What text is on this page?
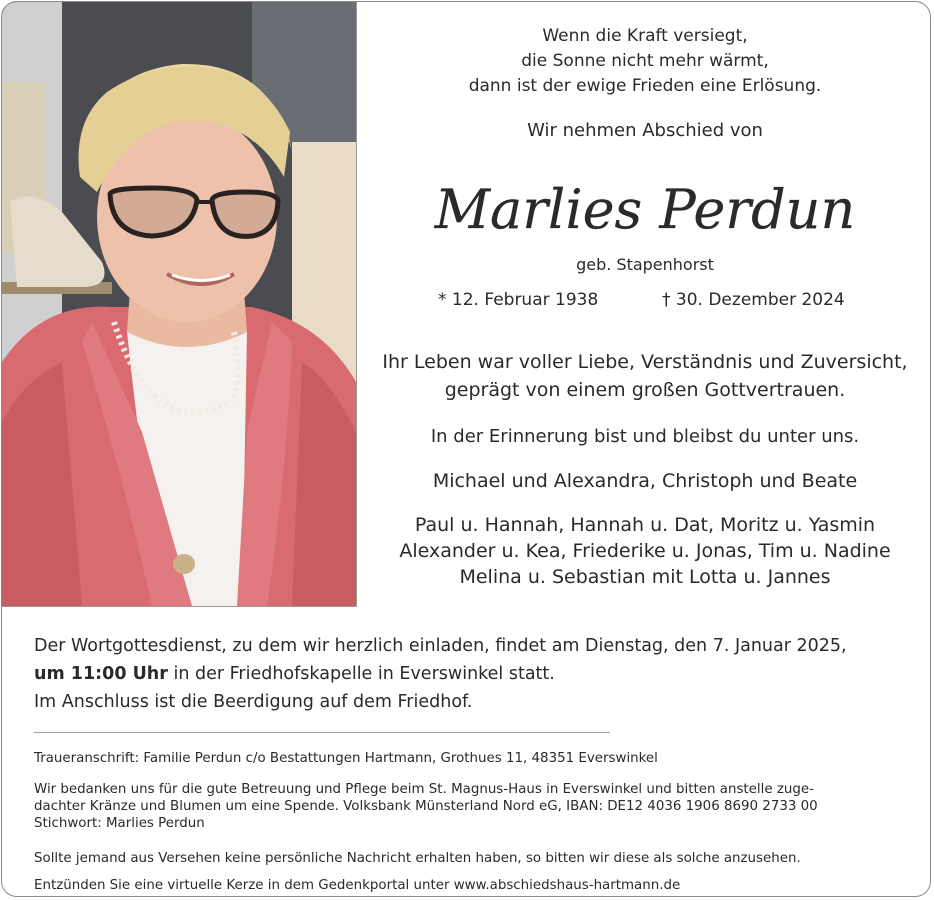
Wenn die Kraft versiegt,
die Sonne nicht mehr wärmt,
dann ist der ewige Frieden eine Erlösung.
Wir nehmen Abschied von
Marlies Perdun
geb. Stapenhorst
* 12. Februar 1938	† 30. Dezember 2024
Ihr Leben war voller Liebe, Verständnis und Zuversicht,
geprägt von einem großen Gottvertrauen.
In der Erinnerung bist und bleibst du unter uns.
Michael und Alexandra, Christoph und Beate
Paul u. Hannah, Hannah u. Dat, Moritz u. Yasmin
Alexander u. Kea, Friederike u. Jonas, Tim u. Nadine
Melina u. Sebastian mit Lotta u. Jannes
Der Wortgottesdienst, zu dem wir herzlich einladen, findet am Dienstag, den 7. Januar 2025,
um 11:00 Uhr in der Friedhofskapelle in Everswinkel statt.
Im Anschluss ist die Beerdigung auf dem Friedhof.
Traueranschrift: Familie Perdun c/o Bestattungen Hartmann, Grothues 11, 48351 Everswinkel
Wir bedanken uns für die gute Betreuung und Pflege beim St. Magnus-Haus in Everswinkel und bitten anstelle zuge-
dachter Kränze und Blumen um eine Spende. Volksbank Münsterland Nord eG, IBAN: DE12 4036 1906 8690 2733 00
Stichwort: Marlies Perdun
Sollte jemand aus Versehen keine persönliche Nachricht erhalten haben, so bitten wir diese als solche anzusehen.
Entzünden Sie eine virtuelle Kerze in dem Gedenkportal unter www.abschiedshaus-hartmann.de
